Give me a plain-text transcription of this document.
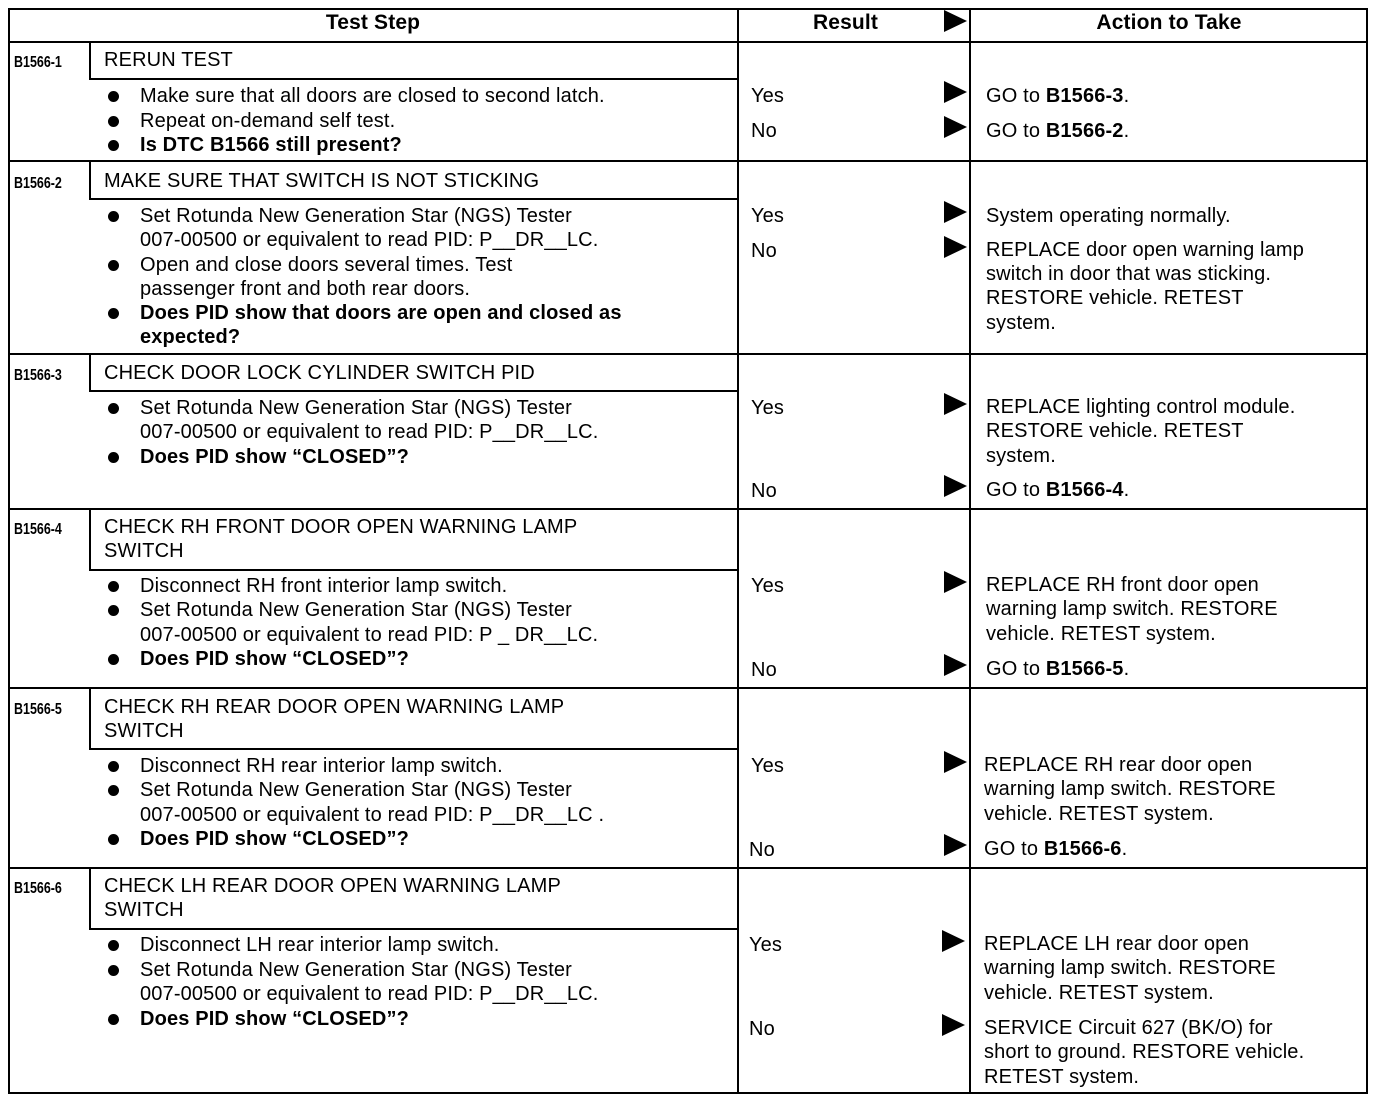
Test Step	Result	Action to Take
B1566-1 RERUN TEST
Make sure that all doors are closed to second latch.
Repeat on-demand self test.
Is DTC B1566 still present?
Yes	GO to B1566-3.
No	GO to B1566-2.
B1566-2 MAKE SURE THAT SWITCH IS NOT STICKING
Set Rotunda New Generation Star (NGS) Tester
007-00500 or equivalent to read PID: P__DR__LC.
Open and close doors several times. Test
passenger front and both rear doors.
Does PID show that doors are open and closed as
expected?
Yes	System operating normally.
No	REPLACE door open warning lamp
switch in door that was sticking.
RESTORE vehicle. RETEST
system.
B1566-3 CHECK DOOR LOCK CYLINDER SWITCH PID
Set Rotunda New Generation Star (NGS) Tester
007-00500 or equivalent to read PID: P__DR__LC.
Does PID show “CLOSED”?
Yes	REPLACE lighting control module.
RESTORE vehicle. RETEST
system.
No	GO to B1566-4.
B1566-4 CHECK RH FRONT DOOR OPEN WARNING LAMP
SWITCH
Disconnect RH front interior lamp switch.
Set Rotunda New Generation Star (NGS) Tester
007-00500 or equivalent to read PID: P _ DR__LC.
Does PID show “CLOSED”?
Yes	REPLACE RH front door open
warning lamp switch. RESTORE
vehicle. RETEST system.
No	GO to B1566-5.
B1566-5 CHECK RH REAR DOOR OPEN WARNING LAMP
SWITCH
Disconnect RH rear interior lamp switch.
Set Rotunda New Generation Star (NGS) Tester
007-00500 or equivalent to read PID: P__DR__LC .
Does PID show “CLOSED”?
Yes	REPLACE RH rear door open
warning lamp switch. RESTORE
vehicle. RETEST system.
No	GO to B1566-6.
B1566-6 CHECK LH REAR DOOR OPEN WARNING LAMP
SWITCH
Disconnect LH rear interior lamp switch.
Set Rotunda New Generation Star (NGS) Tester
007-00500 or equivalent to read PID: P__DR__LC.
Does PID show “CLOSED”?
Yes	REPLACE LH rear door open
warning lamp switch. RESTORE
vehicle. RETEST system.
No	SERVICE Circuit 627 (BK/O) for
short to ground. RESTORE vehicle.
RETEST system.
